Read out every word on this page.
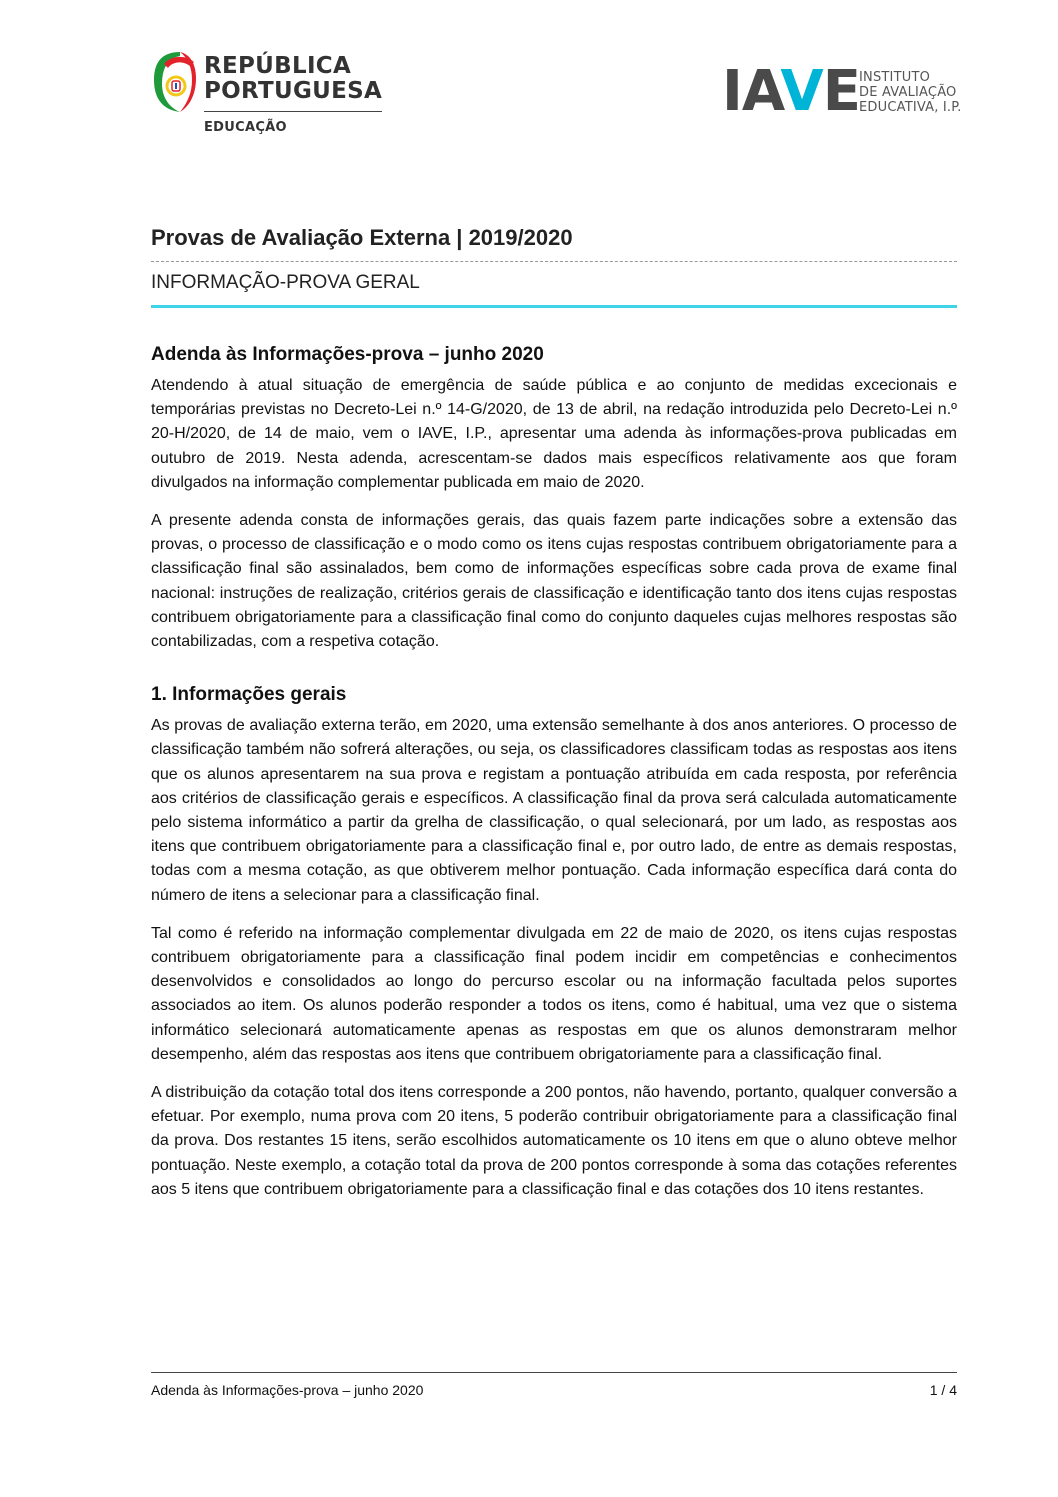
REPÚBLICA
PORTUGUESA
EDUCAÇÃO
IAVE INSTITUTO
DE AVALIAÇÃO
EDUCATIVA, I.P.
Provas de Avaliação Externa | 2019/2020
INFORMAÇÃO-PROVA GERAL
Adenda às Informações-prova – junho 2020

Atendendo à atual situação de emergência de saúde pública e ao conjunto de medidas excecionais e temporárias previstas no Decreto-Lei n.º 14-G/2020, de 13 de abril, na redação introduzida pelo Decreto-Lei n.º 20-H/2020, de 14 de maio, vem o IAVE, I.P., apresentar uma adenda às informações-prova publicadas em outubro de 2019. Nesta adenda, acrescentam-se dados mais específicos relativamente aos que foram divulgados na informação complementar publicada em maio de 2020.

A presente adenda consta de informações gerais, das quais fazem parte indicações sobre a extensão das provas, o processo de classificação e o modo como os itens cujas respostas contribuem obrigatoriamente para a classificação final são assinalados, bem como de informações específicas sobre cada prova de exame final nacional: instruções de realização, critérios gerais de classificação e identificação tanto dos itens cujas respostas contribuem obrigatoriamente para a classificação final como do conjunto daqueles cujas melhores respostas são contabilizadas, com a respetiva cotação.

1. Informações gerais

As provas de avaliação externa terão, em 2020, uma extensão semelhante à dos anos anteriores. O processo de classificação também não sofrerá alterações, ou seja, os classificadores classificam todas as respostas aos itens que os alunos apresentarem na sua prova e registam a pontuação atribuída em cada resposta, por referência aos critérios de classificação gerais e específicos. A classificação final da prova será calculada automaticamente pelo sistema informático a partir da grelha de classificação, o qual selecionará, por um lado, as respostas aos itens que contribuem obrigatoriamente para a classificação final e, por outro lado, de entre as demais respostas, todas com a mesma cotação, as que obtiverem melhor pontuação. Cada informação específica dará conta do número de itens a selecionar para a classificação final.

Tal como é referido na informação complementar divulgada em 22 de maio de 2020, os itens cujas respostas contribuem obrigatoriamente para a classificação final podem incidir em competências e conhecimentos desenvolvidos e consolidados ao longo do percurso escolar ou na informação facultada pelos suportes associados ao item. Os alunos poderão responder a todos os itens, como é habitual, uma vez que o sistema informático selecionará automaticamente apenas as respostas em que os alunos demonstraram melhor desempenho, além das respostas aos itens que contribuem obrigatoriamente para a classificação final.

A distribuição da cotação total dos itens corresponde a 200 pontos, não havendo, portanto, qualquer conversão a efetuar. Por exemplo, numa prova com 20 itens, 5 poderão contribuir obrigatoriamente para a classificação final da prova. Dos restantes 15 itens, serão escolhidos automaticamente os 10 itens em que o aluno obteve melhor pontuação. Neste exemplo, a cotação total da prova de 200 pontos corresponde à soma das cotações referentes aos 5 itens que contribuem obrigatoriamente para a classificação final e das cotações dos 10 itens restantes.

Adenda às Informações-prova – junho 2020	1 / 4
